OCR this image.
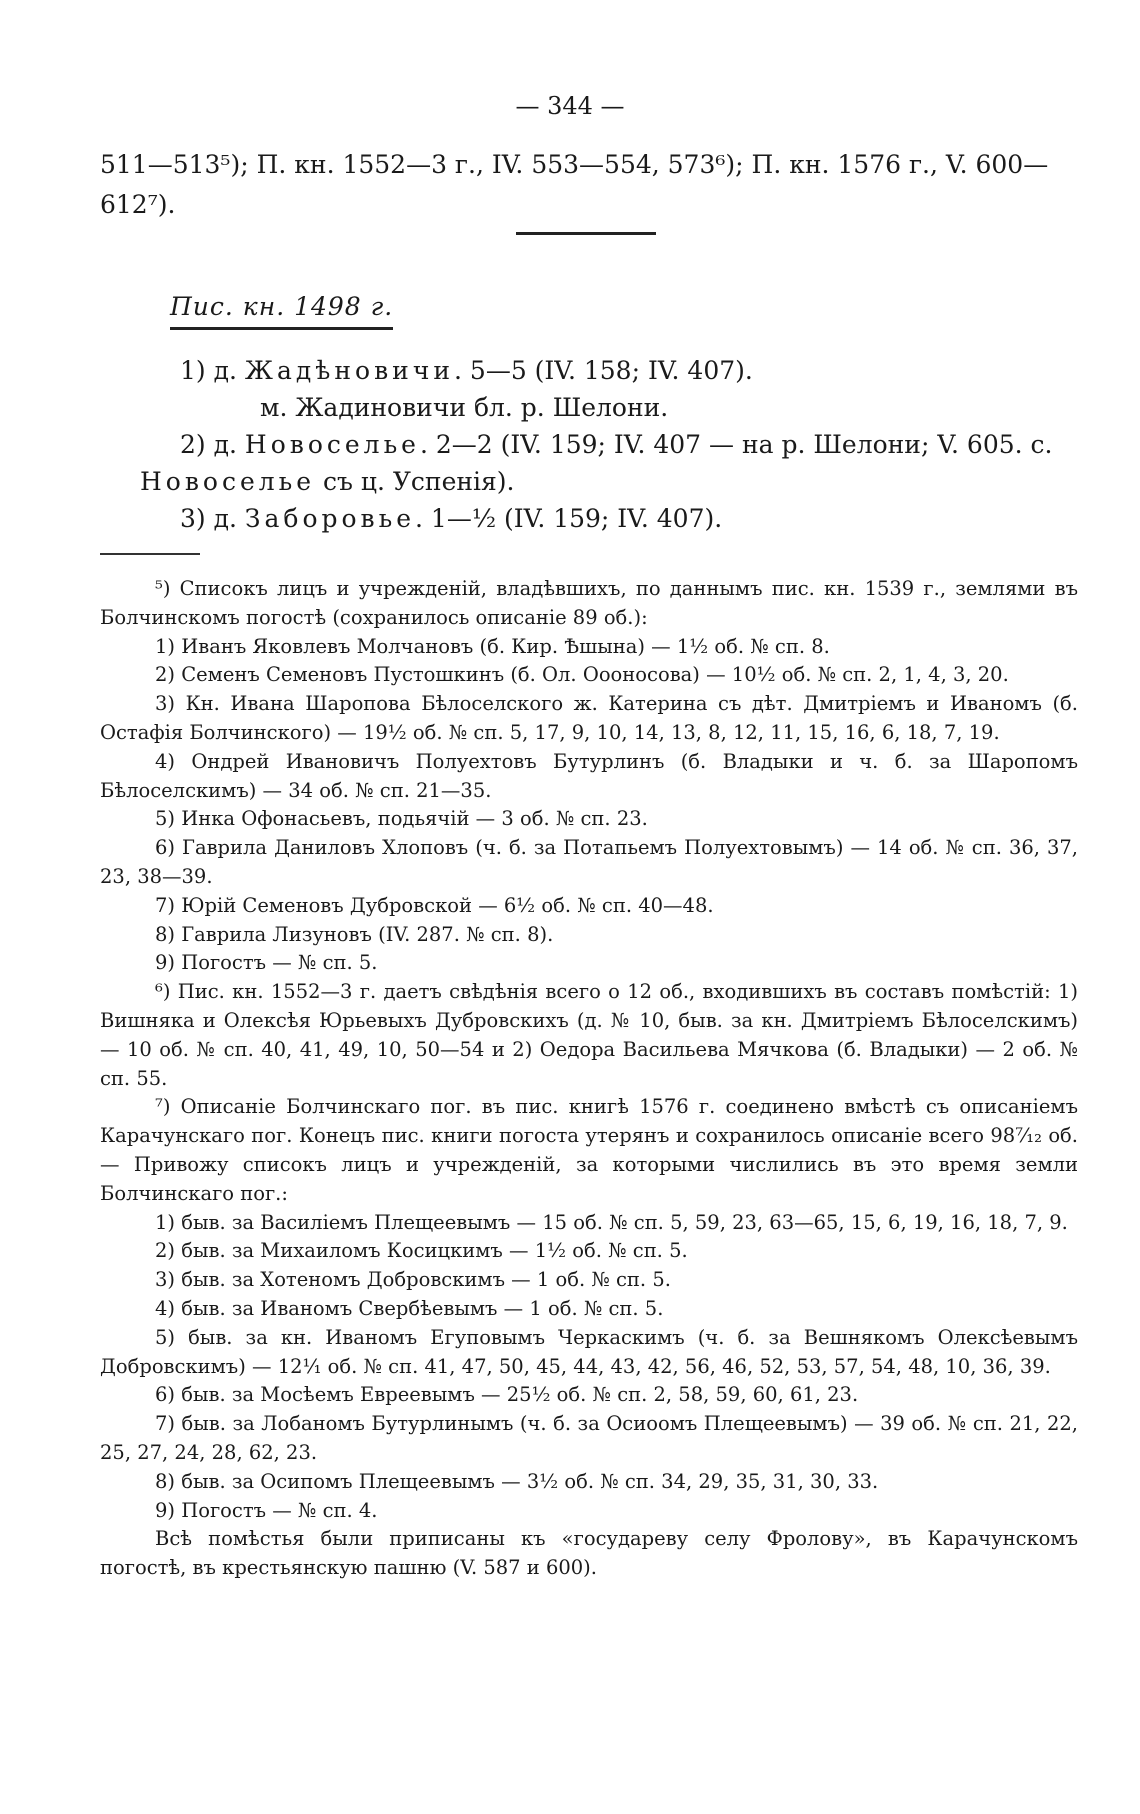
— 344 —

511—513⁵); П. кн. 1552—3 г., IV. 553—554, 573⁶); П. кн. 1576 г., V. 600—612⁷).

Пис. кн. 1498 г.

1) д. Жадѣновичи. 5—5 (IV. 158; IV. 407).

м. Жадиновичи бл. р. Шелони.

2) д. Новоселье. 2—2 (IV. 159; IV. 407 — на р. Шелони; V. 605. с. Новоселье съ ц. Успенія).

3) д. Заборовье. 1—½ (IV. 159; IV. 407).

⁵) Списокъ лицъ и учрежденій, владѣвшихъ, по даннымъ пис. кн. 1539 г., землями въ Болчинскомъ погостѣ (сохранилось описаніе 89 об.):

1) Иванъ Яковлевъ Молчановъ (б. Кир. Ѣшына) — 1½ об. № сп. 8.

2) Семенъ Семеновъ Пустошкинъ (б. Ол. Оооносова) — 10½ об. № сп. 2, 1, 4, 3, 20.

3) Кн. Ивана Шаропова Бѣлоселского ж. Катерина съ дѣт. Дмитріемъ и Иваномъ (б. Остафія Болчинского) — 19½ об. № сп. 5, 17, 9, 10, 14, 13, 8, 12, 11, 15, 16, 6, 18, 7, 19.

4) Ондрей Ивановичъ Полуехтовъ Бутурлинъ (б. Владыки и ч. б. за Шаропомъ Бѣлоселскимъ) — 34 об. № сп. 21—35.

5) Инка Офонасьевъ, подьячій — 3 об. № сп. 23.

6) Гаврила Даниловъ Хлоповъ (ч. б. за Потапьемъ Полуехтовымъ) — 14 об. № сп. 36, 37, 23, 38—39.

7) Юрій Семеновъ Дубровской — 6½ об. № сп. 40—48.

8) Гаврила Лизуновъ (IV. 287. № сп. 8).

9) Погостъ — № сп. 5.

⁶) Пис. кн. 1552—3 г. даетъ свѣдѣнія всего о 12 об., входившихъ въ составъ помѣстій: 1) Вишняка и Олексѣя Юрьевыхъ Дубровскихъ (д. № 10, быв. за кн. Дмитріемъ Бѣлоселскимъ) — 10 об. № сп. 40, 41, 49, 10, 50—54 и 2) Оедора Васильева Мячкова (б. Владыки) — 2 об. № сп. 55.

⁷) Описаніе Болчинскаго пог. въ пис. книгѣ 1576 г. соединено вмѣстѣ съ описаніемъ Карачунскаго пог. Конецъ пис. книги погоста утерянъ и сохранилось описаніе всего 98⁷⁄₁₂ об. — Привожу списокъ лицъ и учрежденій, за которыми числились въ это время земли Болчинскаго пог.:

1) быв. за Василіемъ Плещеевымъ — 15 об. № сп. 5, 59, 23, 63—65, 15, 6, 19, 16, 18, 7, 9.

2) быв. за Михаиломъ Косицкимъ — 1½ об. № сп. 5.

3) быв. за Хотеномъ Добровскимъ — 1 об. № сп. 5.

4) быв. за Иваномъ Свербѣевымъ — 1 об. № сп. 5.

5) быв. за кн. Иваномъ Егуповымъ Черкаскимъ (ч. б. за Вешнякомъ Олексѣевымъ Добровскимъ) — 12¹⁄₁ об. № сп. 41, 47, 50, 45, 44, 43, 42, 56, 46, 52, 53, 57, 54, 48, 10, 36, 39.

6) быв. за Мосѣемъ Евреевымъ — 25½ об. № сп. 2, 58, 59, 60, 61, 23.

7) быв. за Лобаномъ Бутурлинымъ (ч. б. за Осиоомъ Плещеевымъ) — 39 об. № сп. 21, 22, 25, 27, 24, 28, 62, 23.

8) быв. за Осипомъ Плещеевымъ — 3½ об. № сп. 34, 29, 35, 31, 30, 33.

9) Погостъ — № сп. 4.

Всѣ помѣстья были приписаны къ «государеву селу Фролову», въ Карачунскомъ погостѣ, въ крестьянскую пашню (V. 587 и 600).
